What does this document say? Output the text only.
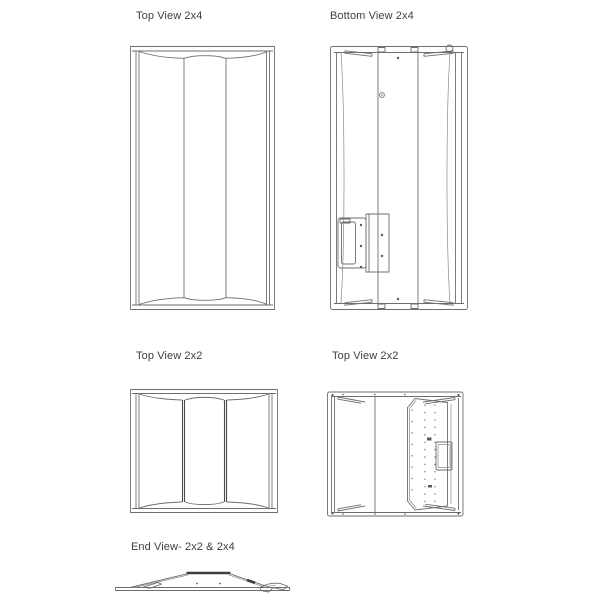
Top View 2x4	Bottom View 2x4
Top View 2x2	Top View 2x2
End View- 2x2 & 2x4
